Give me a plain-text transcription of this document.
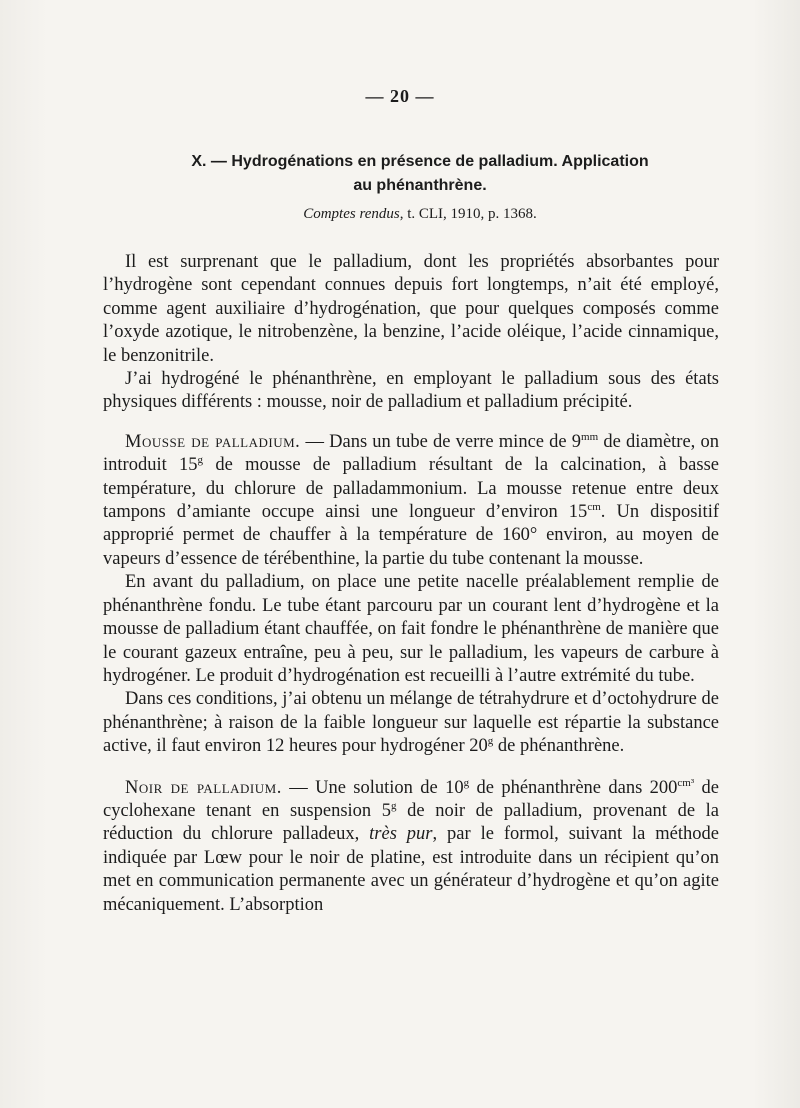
— 20 —
X. — Hydrogénations en présence de palladium. Application
au phénanthrène.
Comptes rendus, t. CLI, 1910, p. 1368.

Il est surprenant que le palladium, dont les propriétés absorbantes pour l’hydrogène sont cependant connues depuis fort longtemps, n’ait été employé, comme agent auxiliaire d’hydrogénation, que pour quelques composés comme l’oxyde azotique, le nitrobenzène, la benzine, l’acide oléique, l’acide cinnamique, le benzonitrile.

J’ai hydrogéné le phénanthrène, en employant le palladium sous des états physiques différents : mousse, noir de palladium et palladium précipité.

Mousse de palladium. — Dans un tube de verre mince de $9^{mm}$ de diamètre, on introduit 15$^g$ de mousse de palladium résultant de la calcination, à basse température, du chlorure de palladammonium. La mousse retenue entre deux tampons d’amiante occupe ainsi une longueur d’environ $15^{cm}$. Un dispositif approprié permet de chauffer à la température de 160° environ, au moyen de vapeurs d’essence de térébenthine, la partie du tube contenant la mousse.

En avant du palladium, on place une petite nacelle préalablement remplie de phénanthrène fondu. Le tube étant parcouru par un courant lent d’hydrogène et la mousse de palladium étant chauffée, on fait fondre le phénanthrène de manière que le courant gazeux entraîne, peu à peu, sur le palladium, les vapeurs de carbure à hydrogéner. Le produit d’hydrogénation est recueilli à l’autre extrémité du tube.

Dans ces conditions, j’ai obtenu un mélange de tétrahydrure et d’octohydrure de phénanthrène; à raison de la faible longueur sur laquelle est répartie la substance active, il faut environ 12 heures pour hydrogéner 20$^g$ de phénanthrène.

Noir de palladium. — Une solution de 10$^g$ de phénanthrène dans $200^{cm^3}$ de cyclohexane tenant en suspension 5$^g$ de noir de palladium, provenant de la réduction du chlorure palladeux, très pur, par le formol, suivant la méthode indiquée par Lœw pour le noir de platine, est introduite dans un récipient qu’on met en communication permanente avec un générateur d’hydrogène et qu’on agite mécaniquement. L’absorption
